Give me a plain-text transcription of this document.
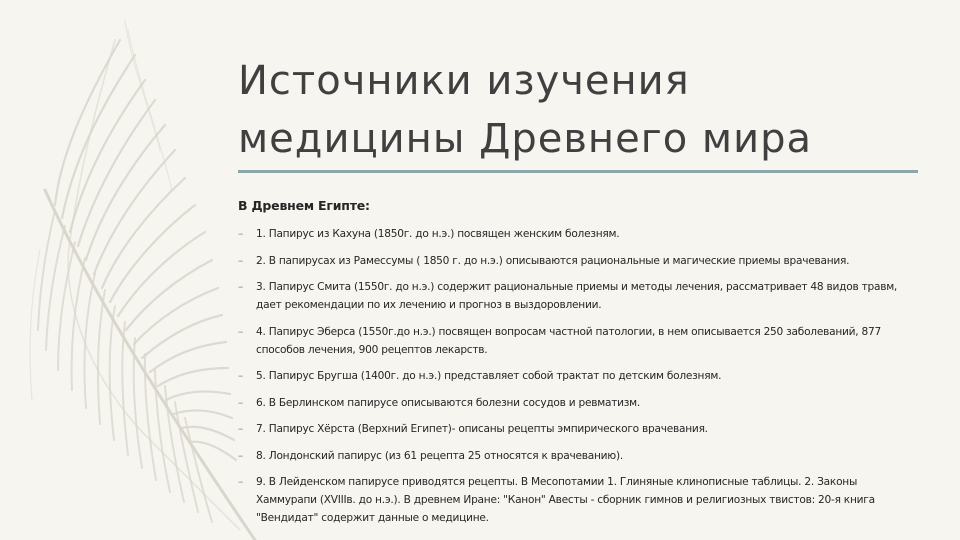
Источники изучения
медицины Древнего мира

В Древнем Египте:

– 1. Папирус из Кахуна (1850г. до н.э.) посвящен женским болезням.
– 2. В папирусах из Рамессумы ( 1850 г. до н.э.) описываются рациональные и магические приемы врачевания.
– 3. Папирус Смита (1550г. до н.э.) содержит рациональные приемы и методы лечения, рассматривает 48 видов травм, дает рекомендации по их лечению и прогноз в выздоровлении.
– 4. Папирус Эберса (1550г.до н.э.) посвящен вопросам частной патологии, в нем описывается 250 заболеваний, 877 способов лечения, 900 рецептов лекарств.
– 5. Папирус Бругша (1400г. до н.э.) представляет собой трактат по детским болезням.
– 6. В Берлинском папирусе описываются болезни сосудов и ревматизм.
– 7. Папирус Хёрста (Верхний Египет)- описаны рецепты эмпирического врачевания.
– 8. Лондонский папирус (из 61 рецепта 25 относятся к врачеванию).
– 9. В Лейденском папирусе приводятся рецепты. В Месопотамии 1. Глиняные клинописные таблицы. 2. Законы Хаммурапи (XVIIIв. до н.э.). В древнем Иране: "Канон" Авесты - сборник гимнов и религиозных твистов: 20-я книга "Вендидат" содержит данные о медицине.
